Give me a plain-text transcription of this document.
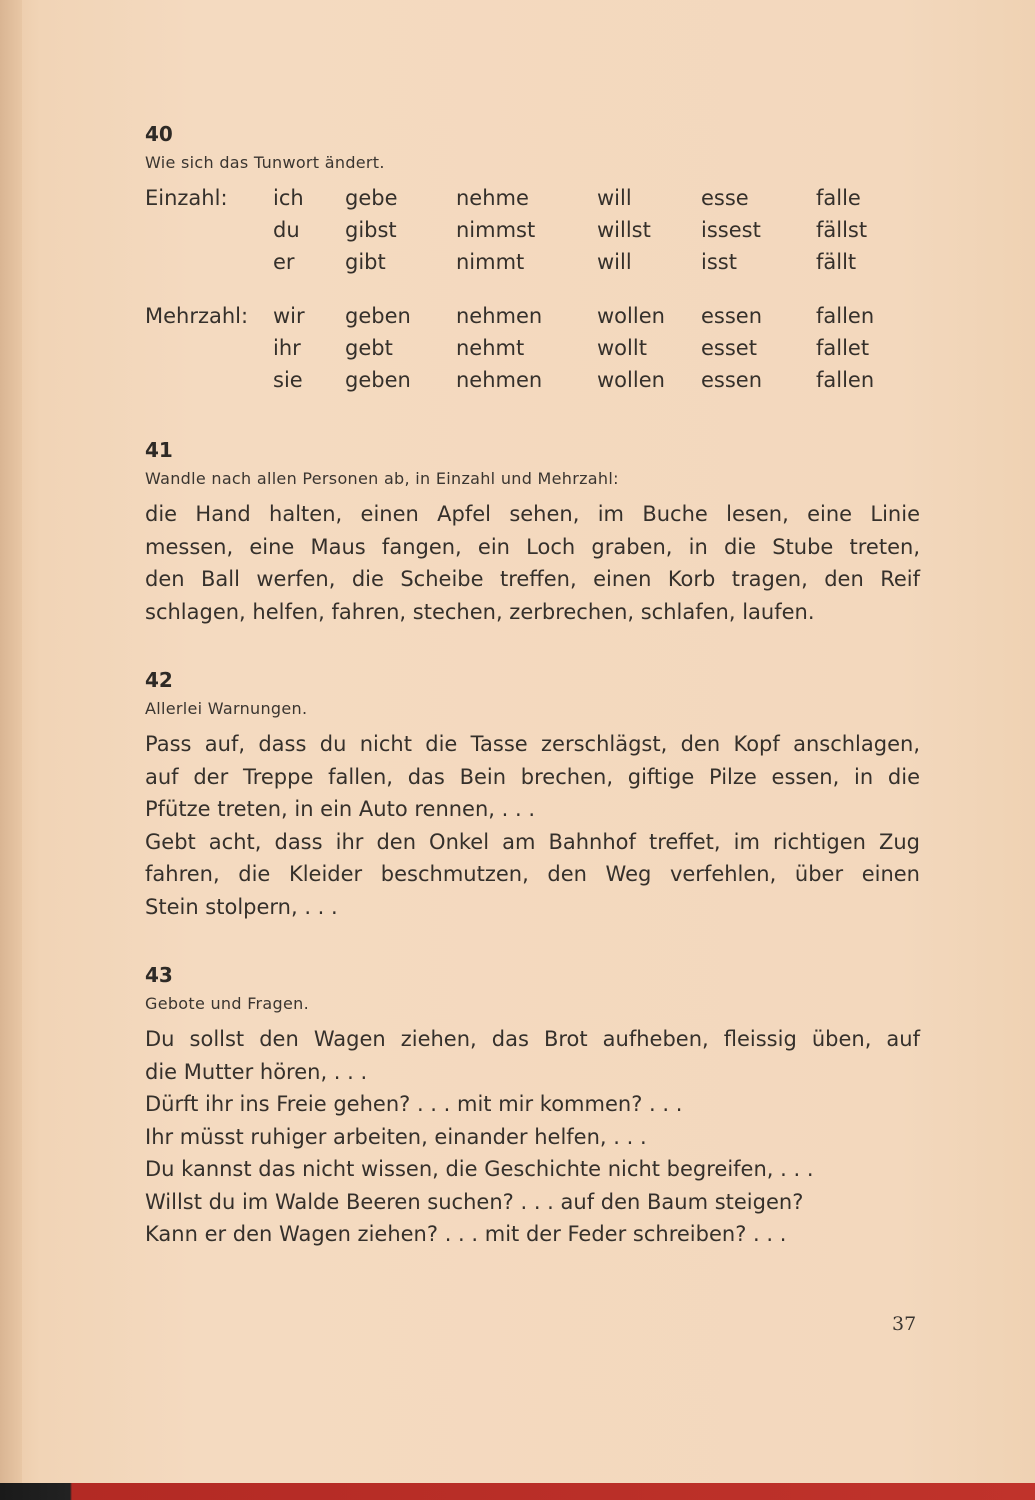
40
Wie sich das Tunwort ändert.
Einzahl:	ich	gebe	nehme	will	esse	falle
	du	gibst	nimmst	willst	issest	fällst
	er	gibt	nimmt	will	isst	fällt

Mehrzahl:	wir	geben	nehmen	wollen	essen	fallen
	ihr	gebt	nehmt	wollt	esset	fallet
	sie	geben	nehmen	wollen	essen	fallen
41
Wandle nach allen Personen ab, in Einzahl und Mehrzahl:
die Hand halten, einen Apfel sehen, im Buche lesen, eine Linie
messen, eine Maus fangen, ein Loch graben, in die Stube treten,
den Ball werfen, die Scheibe treffen, einen Korb tragen, den Reif
schlagen, helfen, fahren, stechen, zerbrechen, schlafen, laufen.
42
Allerlei Warnungen.
Pass auf, dass du nicht die Tasse zerschlägst, den Kopf anschlagen,
auf der Treppe fallen, das Bein brechen, giftige Pilze essen, in die
Pfütze treten, in ein Auto rennen, . . .
Gebt acht, dass ihr den Onkel am Bahnhof treffet, im richtigen Zug
fahren, die Kleider beschmutzen, den Weg verfehlen, über einen
Stein stolpern, . . .
43
Gebote und Fragen.
Du sollst den Wagen ziehen, das Brot aufheben, fleissig üben, auf
die Mutter hören, . . .
Dürft ihr ins Freie gehen? . . . mit mir kommen? . . .
Ihr müsst ruhiger arbeiten, einander helfen, . . .
Du kannst das nicht wissen, die Geschichte nicht begreifen, . . .
Willst du im Walde Beeren suchen? . . . auf den Baum steigen?
Kann er den Wagen ziehen? . . . mit der Feder schreiben? . . .
37
